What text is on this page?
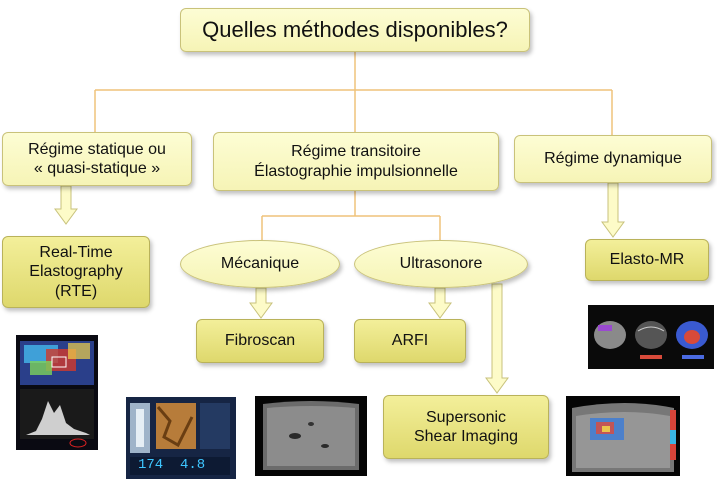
Quelles méthodes disponibles?
Régime statique ou
« quasi-statique »
Régime transitoire
Élastographie impulsionnelle
Régime dynamique
Real-Time
Elastography
(RTE)
Mécanique	Ultrasonore	Elasto-MR
Fibroscan	ARFI
Supersonic
Shear Imaging
174  4.8
